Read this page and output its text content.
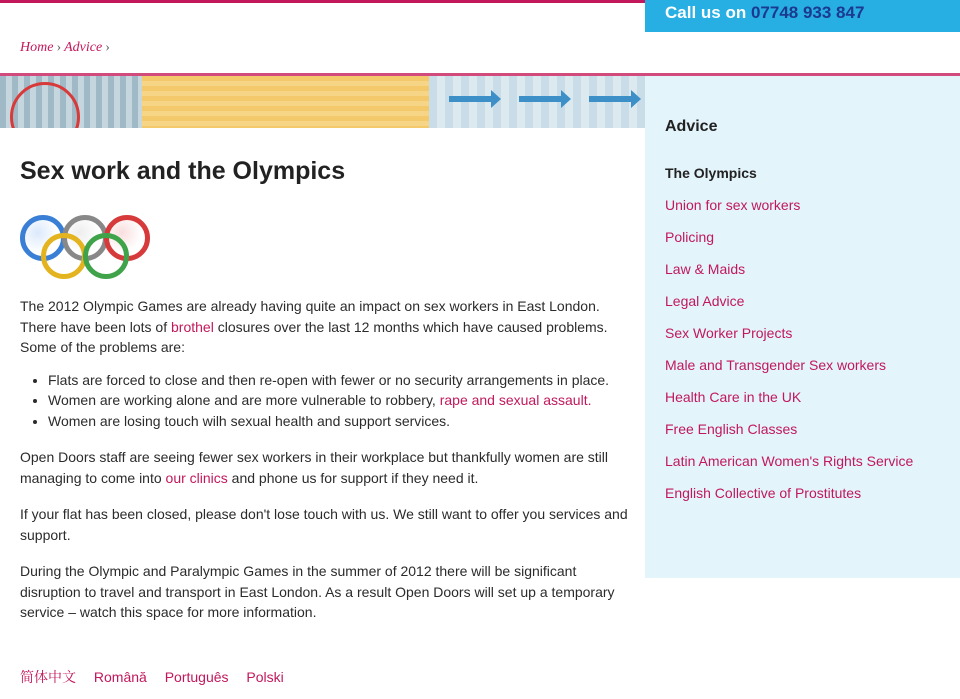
Call us on 07748 933 847
Home › Advice ›
Sex work and the Olympics

The 2012 Olympic Games are already having quite an impact on sex workers in East London. There have been lots of brothel closures over the last 12 months which have caused problems. Some of the problems are:

• Flats are forced to close and then re-open with fewer or no security arrangements in place.
• Women are working alone and are more vulnerable to robbery, rape and sexual assault.
• Women are losing touch wilh sexual health and support services.

Open Doors staff are seeing fewer sex workers in their workplace but thankfully women are still managing to come into our clinics and phone us for support if they need it.

If your flat has been closed, please don't lose touch with us. We still want to offer you services and support.

During the Olympic and Paralympic Games in the summer of 2012 there will be significant disruption to travel and transport in East London. As a result Open Doors will set up a temporary service – watch this space for more information.

简体中文 Română Português Polski
Advice
The Olympics
Union for sex workers
Policing
Law & Maids
Legal Advice
Sex Worker Projects
Male and Transgender Sex workers
Health Care in the UK
Free English Classes
Latin American Women's Rights Service
English Collective of Prostitutes
